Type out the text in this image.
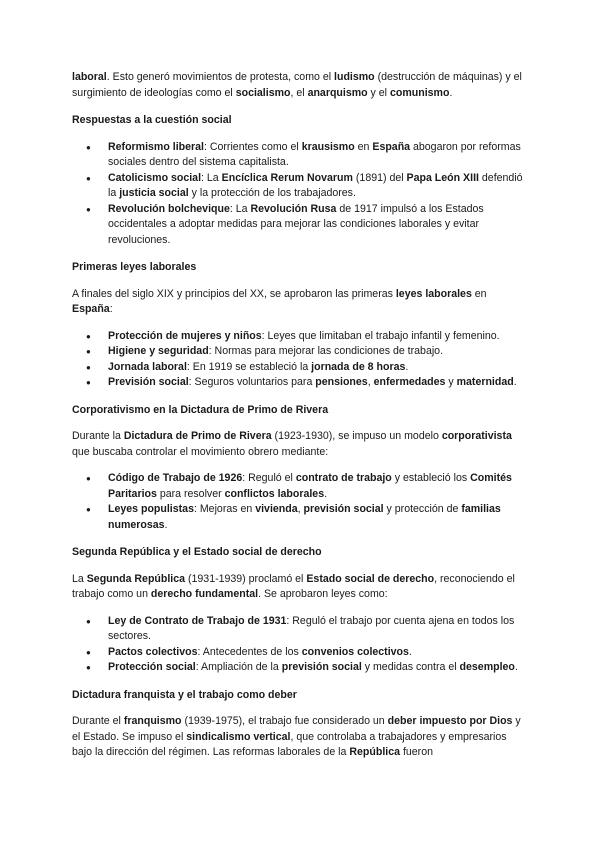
laboral. Esto generó movimientos de protesta, como el ludismo (destrucción de máquinas) y el surgimiento de ideologías como el socialismo, el anarquismo y el comunismo.

Respuestas a la cuestión social
● Reformismo liberal: Corrientes como el krausismo en España abogaron por reformas sociales dentro del sistema capitalista.
● Catolicismo social: La Encíclica Rerum Novarum (1891) del Papa León XIII defendió la justicia social y la protección de los trabajadores.
● Revolución bolchevique: La Revolución Rusa de 1917 impulsó a los Estados occidentales a adoptar medidas para mejorar las condiciones laborales y evitar revoluciones.
Primeras leyes laborales

A finales del siglo XIX y principios del XX, se aprobaron las primeras leyes laborales en España:

● Protección de mujeres y niños: Leyes que limitaban el trabajo infantil y femenino.
● Higiene y seguridad: Normas para mejorar las condiciones de trabajo.
● Jornada laboral: En 1919 se estableció la jornada de 8 horas.
● Previsión social: Seguros voluntarios para pensiones, enfermedades y maternidad.
Corporativismo en la Dictadura de Primo de Rivera

Durante la Dictadura de Primo de Rivera (1923-1930), se impuso un modelo corporativista que buscaba controlar el movimiento obrero mediante:

● Código de Trabajo de 1926: Reguló el contrato de trabajo y estableció los Comités Paritarios para resolver conflictos laborales.
● Leyes populistas: Mejoras en vivienda, previsión social y protección de familias numerosas.
Segunda República y el Estado social de derecho

La Segunda República (1931-1939) proclamó el Estado social de derecho, reconociendo el trabajo como un derecho fundamental. Se aprobaron leyes como:

● Ley de Contrato de Trabajo de 1931: Reguló el trabajo por cuenta ajena en todos los sectores.
● Pactos colectivos: Antecedentes de los convenios colectivos.
● Protección social: Ampliación de la previsión social y medidas contra el desempleo.
Dictadura franquista y el trabajo como deber

Durante el franquismo (1939-1975), el trabajo fue considerado un deber impuesto por Dios y el Estado. Se impuso el sindicalismo vertical, que controlaba a trabajadores y empresarios bajo la dirección del régimen. Las reformas laborales de la República fueron
